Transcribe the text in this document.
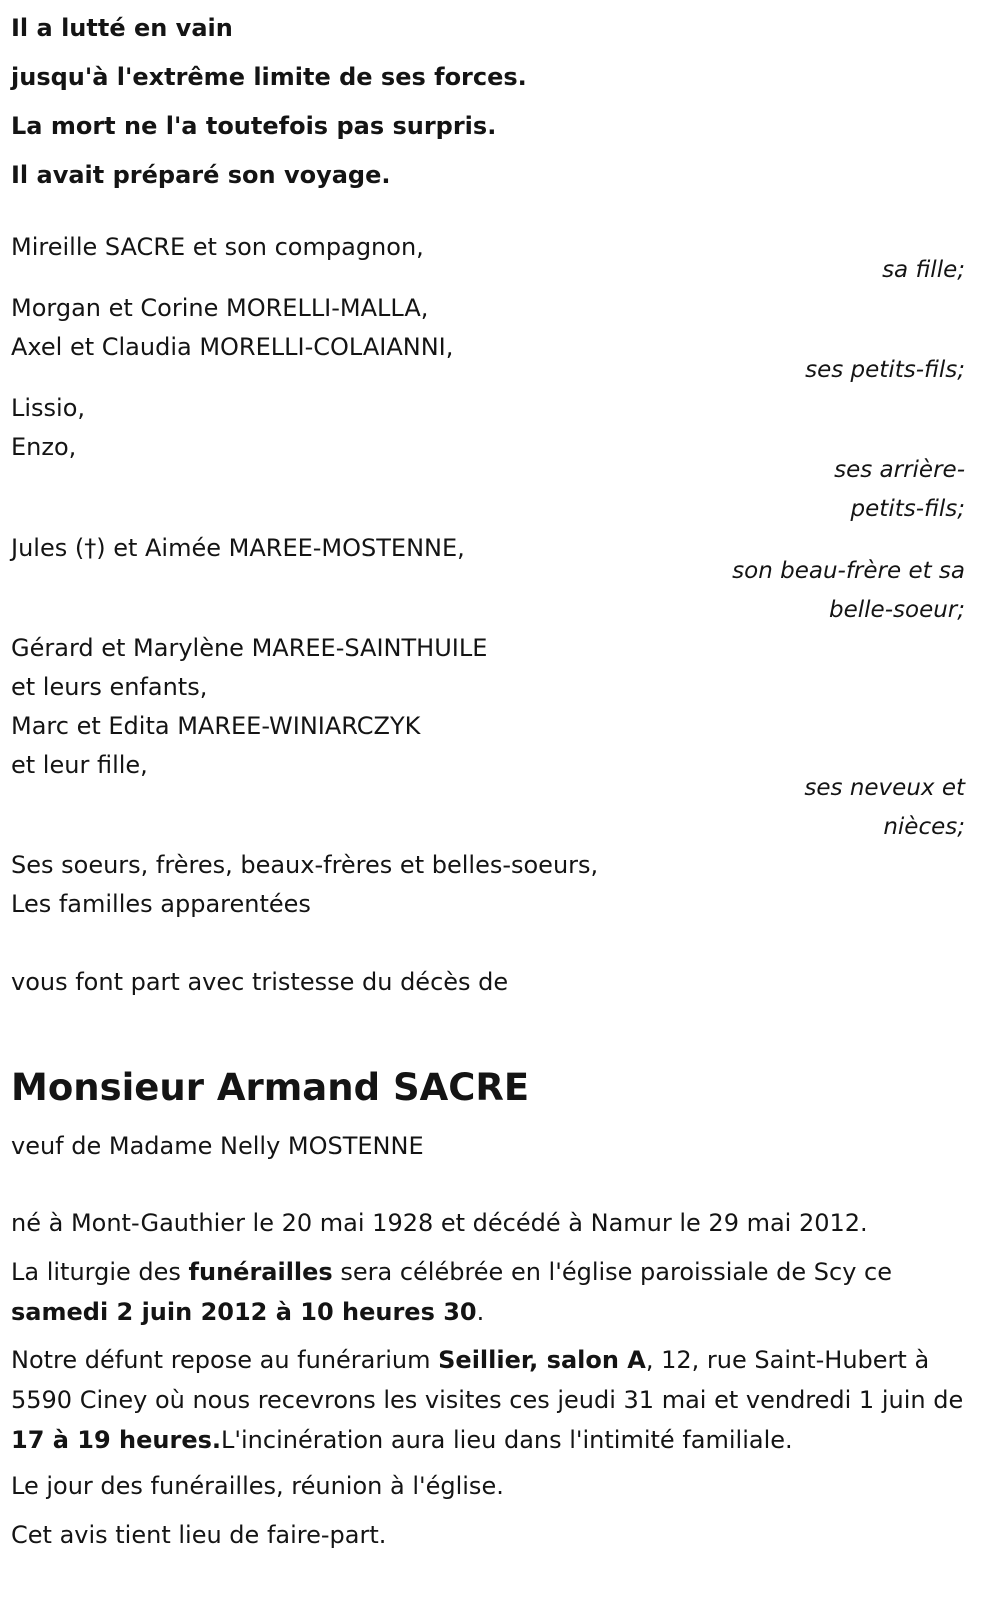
Il a lutté en vain
jusqu'à l'extrême limite de ses forces.
La mort ne l'a toutefois pas surpris.
Il avait préparé son voyage.
Mireille SACRE et son compagnon,
sa fille;
Morgan et Corine MORELLI-MALLA,
Axel et Claudia MORELLI-COLAIANNI,
ses petits-fils;
Lissio,
Enzo,
ses arrière-
petits-fils;
Jules (†) et Aimée MAREE-MOSTENNE,
son beau-frère et sa
belle-soeur;
Gérard et Marylène MAREE-SAINTHUILE
et leurs enfants,
Marc et Edita MAREE-WINIARCZYK
et leur fille,
ses neveux et
nièces;
Ses soeurs, frères, beaux-frères et belles-soeurs,
Les familles apparentées
vous font part avec tristesse du décès de
Monsieur Armand SACRE
veuf de Madame Nelly MOSTENNE
né à Mont-Gauthier le 20 mai 1928 et décédé à Namur le 29 mai 2012.
La liturgie des funérailles sera célébrée en l'église paroissiale de Scy ce samedi 2 juin 2012 à 10 heures 30.
Notre défunt repose au funérarium Seillier, salon A, 12, rue Saint-Hubert à 5590 Ciney où nous recevrons les visites ces jeudi 31 mai et vendredi 1 juin de 17 à 19 heures.L'incinération aura lieu dans l'intimité familiale.
Le jour des funérailles, réunion à l'église.
Cet avis tient lieu de faire-part.
